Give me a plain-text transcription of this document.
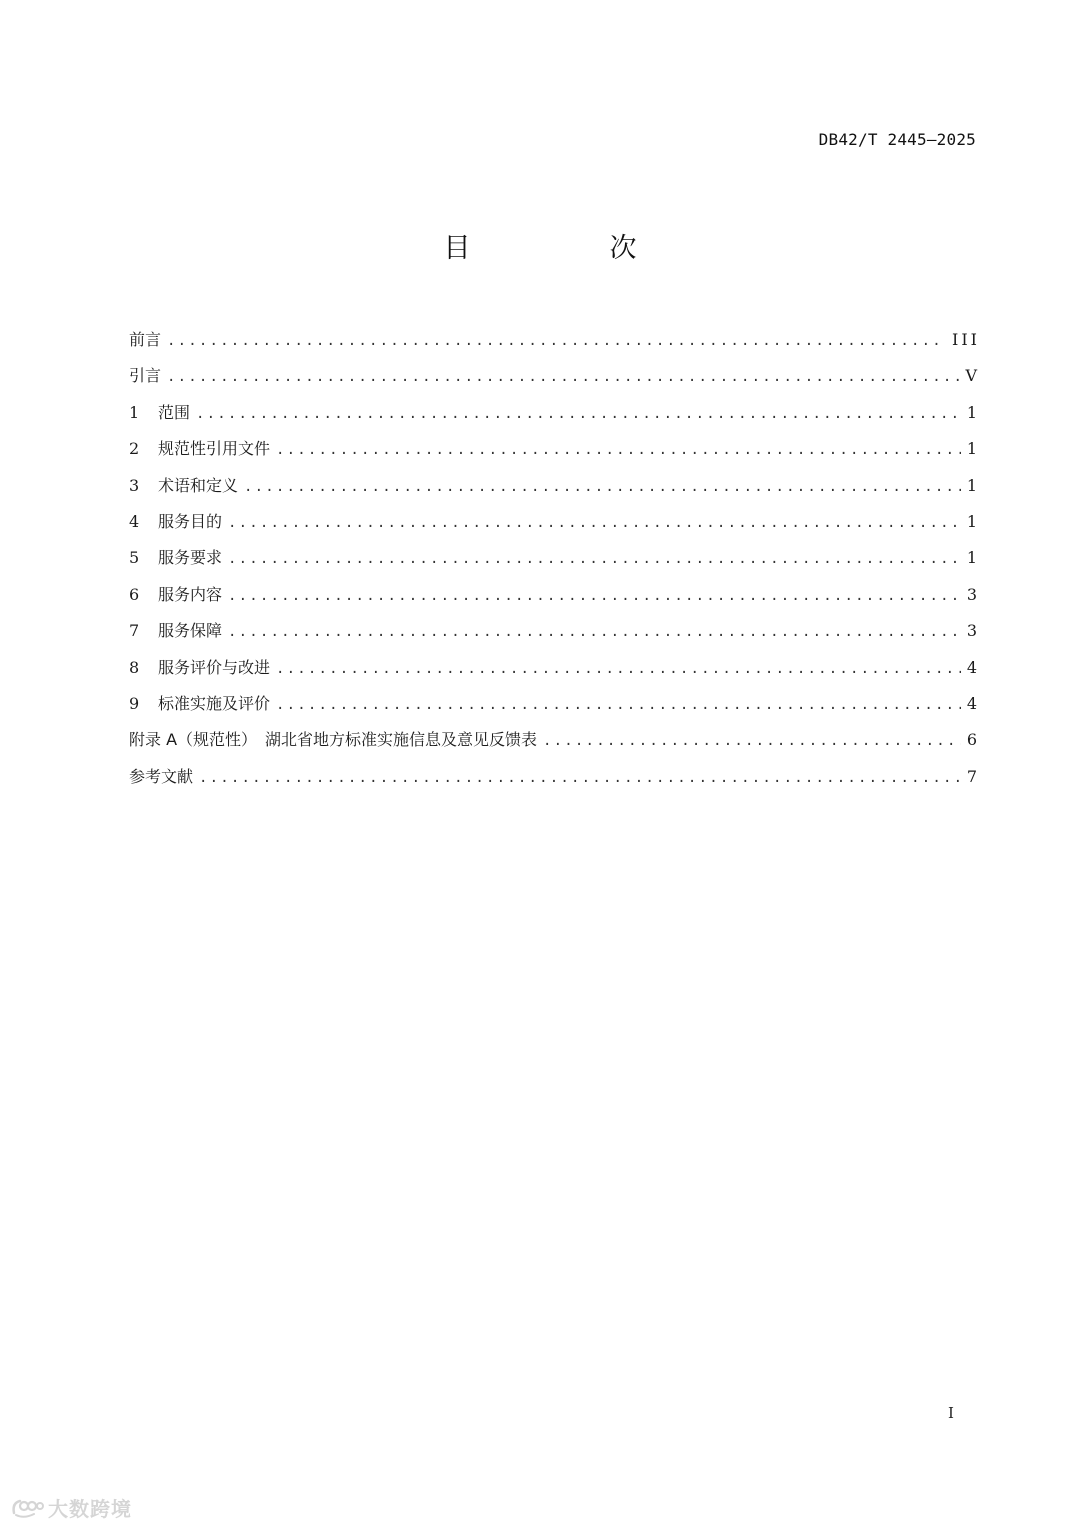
DB42/T 2445—2025
目　次
前言 .....	III
引言 .....	V
1	范围 .....	1
2	规范性引用文件 .....	1
3	术语和定义 .....	1
4	服务目的 .....	1
5	服务要求 .....	1
6	服务内容 .....	3
7	服务保障 .....	3
8	服务评价与改进 .....	4
9	标准实施及评价 .....	4
附录 A（规范性）　湖北省地方标准实施信息及意见反馈表 .....	6
参考文献 .....	7
I
大数跨境
